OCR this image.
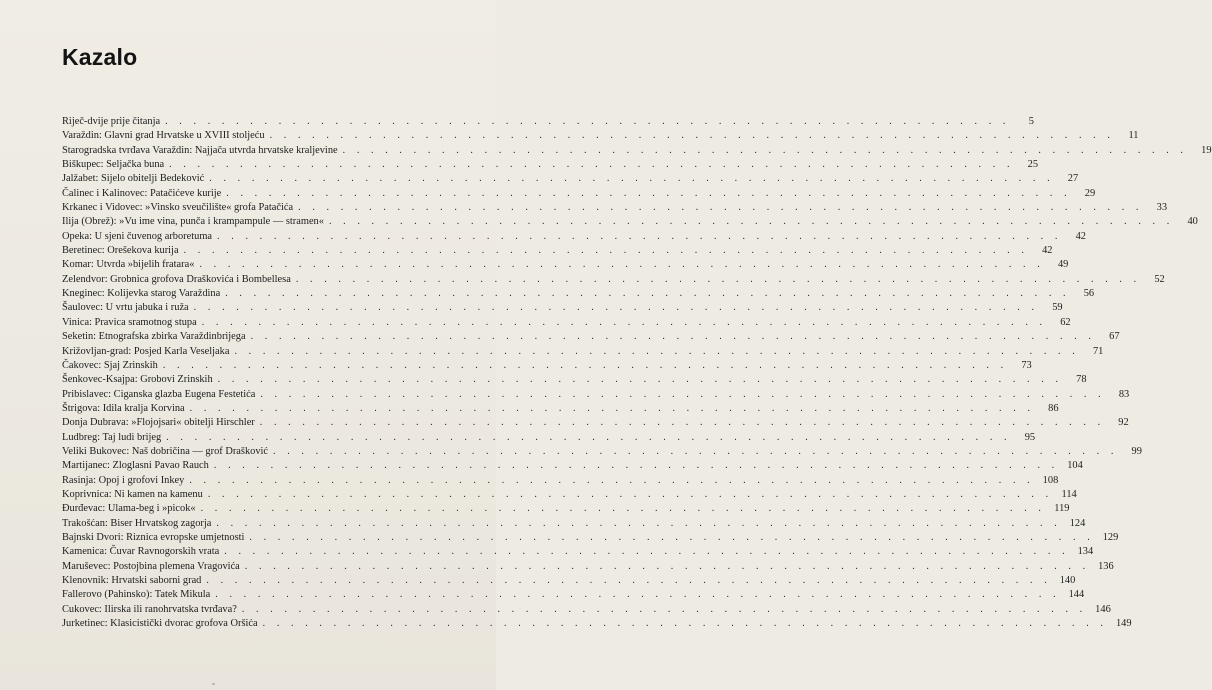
Kazalo
Riječ-dvije prije čitanja . . . . . . . . . . . . . . . . . . . . . . . . . . . . . . . . . . . . . . . . . . . . . . . . . . . . . . . . . . . .	5
Varaždin: Glavni grad Hrvatske u XVIII stoljeću . . . . . . . . . . . . . . . . . . . . . . . . . . . . . . . . . . . . . . . . . . . . . . . . . . . . . . . . . . . .	11
Starogradska tvrđava Varaždin: Najjača utvrda hrvatske kraljevine . . . . . . . . . . . . . . . . . . . . . . . . . . . . . . . . . . . . . . . . . . . . . . . . . . . . . . . . . . . .	19
Biškupec: Seljačka buna . . . . . . . . . . . . . . . . . . . . . . . . . . . . . . . . . . . . . . . . . . . . . . . . . . . . . . . . . . . .	25
Jalžabet: Sijelo obitelji Bedeković . . . . . . . . . . . . . . . . . . . . . . . . . . . . . . . . . . . . . . . . . . . . . . . . . . . . . . . . . . . .	27
Čalinec i Kalinovec: Patačićeve kurije . . . . . . . . . . . . . . . . . . . . . . . . . . . . . . . . . . . . . . . . . . . . . . . . . . . . . . . . . . . .	29
Krkanec i Vidovec: »Vinsko sveučilište« grofa Patačića . . . . . . . . . . . . . . . . . . . . . . . . . . . . . . . . . . . . . . . . . . . . . . . . . . . . . . . . . . . .	33
Ilija (Obrež): »Vu ime vina, punča i krampampule — stramen« . . . . . . . . . . . . . . . . . . . . . . . . . . . . . . . . . . . . . . . . . . . . . . . . . . . . . . . . . . . .	40
Opeka: U sjeni čuvenog arboretuma . . . . . . . . . . . . . . . . . . . . . . . . . . . . . . . . . . . . . . . . . . . . . . . . . . . . . . . . . . . .	42
Beretinec: Orešekova kurija . . . . . . . . . . . . . . . . . . . . . . . . . . . . . . . . . . . . . . . . . . . . . . . . . . . . . . . . . . . .	42
Komar: Utvrda »bijelih fratara« . . . . . . . . . . . . . . . . . . . . . . . . . . . . . . . . . . . . . . . . . . . . . . . . . . . . . . . . . . . .	49
Zelendvor: Grobnica grofova Draškovića i Bombellesa . . . . . . . . . . . . . . . . . . . . . . . . . . . . . . . . . . . . . . . . . . . . . . . . . . . . . . . . . . . .	52
Kneginec: Kolijevka starog Varaždina . . . . . . . . . . . . . . . . . . . . . . . . . . . . . . . . . . . . . . . . . . . . . . . . . . . . . . . . . . . .	56
Šaulovec: U vrtu jabuka i ruža . . . . . . . . . . . . . . . . . . . . . . . . . . . . . . . . . . . . . . . . . . . . . . . . . . . . . . . . . . . .	59
Vinica: Pravica sramotnog stupa . . . . . . . . . . . . . . . . . . . . . . . . . . . . . . . . . . . . . . . . . . . . . . . . . . . . . . . . . . . .	62
Seketin: Etnografska zbirka Varaždinbrijega . . . . . . . . . . . . . . . . . . . . . . . . . . . . . . . . . . . . . . . . . . . . . . . . . . . . . . . . . . . .	67
Križovljan-grad: Posjed Karla Veseljaka . . . . . . . . . . . . . . . . . . . . . . . . . . . . . . . . . . . . . . . . . . . . . . . . . . . . . . . . . . . .	71
Čakovec: Sjaj Zrinskih . . . . . . . . . . . . . . . . . . . . . . . . . . . . . . . . . . . . . . . . . . . . . . . . . . . . . . . . . . . .	73
Šenkovec-Ksajpa: Grobovi Zrinskih . . . . . . . . . . . . . . . . . . . . . . . . . . . . . . . . . . . . . . . . . . . . . . . . . . . . . . . . . . . .	78
Pribislavec: Ciganska glazba Eugena Festetića . . . . . . . . . . . . . . . . . . . . . . . . . . . . . . . . . . . . . . . . . . . . . . . . . . . . . . . . . . . .	83
Štrigova: Idila kralja Korvina . . . . . . . . . . . . . . . . . . . . . . . . . . . . . . . . . . . . . . . . . . . . . . . . . . . . . . . . . . . .	86
Donja Dubrava: »Flojojsari« obitelji Hirschler . . . . . . . . . . . . . . . . . . . . . . . . . . . . . . . . . . . . . . . . . . . . . . . . . . . . . . . . . . . .	92
Ludbreg: Taj ludi brijeg . . . . . . . . . . . . . . . . . . . . . . . . . . . . . . . . . . . . . . . . . . . . . . . . . . . . . . . . . . . .	95
Veliki Bukovec: Naš dobričina — grof Drašković . . . . . . . . . . . . . . . . . . . . . . . . . . . . . . . . . . . . . . . . . . . . . . . . . . . . . . . . . . . .	99
Martijanec: Zloglasni Pavao Rauch . . . . . . . . . . . . . . . . . . . . . . . . . . . . . . . . . . . . . . . . . . . . . . . . . . . . . . . . . . . . 104
Rasinja: Opoj i grofovi Inkey . . . . . . . . . . . . . . . . . . . . . . . . . . . . . . . . . . . . . . . . . . . . . . . . . . . . . . . . . . . . 108
Koprivnica: Ni kamen na kamenu . . . . . . . . . . . . . . . . . . . . . . . . . . . . . . . . . . . . . . . . . . . . . . . . . . . . . . . . . . . . 114
Đurđevac: Ulama-beg i »picok« . . . . . . . . . . . . . . . . . . . . . . . . . . . . . . . . . . . . . . . . . . . . . . . . . . . . . . . . . . . . 119
Trakošćan: Biser Hrvatskog zagorja . . . . . . . . . . . . . . . . . . . . . . . . . . . . . . . . . . . . . . . . . . . . . . . . . . . . . . . . . . . . 124
Bajnski Dvori: Riznica evropske umjetnosti . . . . . . . . . . . . . . . . . . . . . . . . . . . . . . . . . . . . . . . . . . . . . . . . . . . . . . . . . . . . 129
Kamenica: Čuvar Ravnogorskih vrata . . . . . . . . . . . . . . . . . . . . . . . . . . . . . . . . . . . . . . . . . . . . . . . . . . . . . . . . . . . . 134
Maruševec: Postojbina plemena Vragovića . . . . . . . . . . . . . . . . . . . . . . . . . . . . . . . . . . . . . . . . . . . . . . . . . . . . . . . . . . . . 136
Klenovnik: Hrvatski saborni grad . . . . . . . . . . . . . . . . . . . . . . . . . . . . . . . . . . . . . . . . . . . . . . . . . . . . . . . . . . . . 140
Fallerovo (Pahinsko): Tatek Mikula . . . . . . . . . . . . . . . . . . . . . . . . . . . . . . . . . . . . . . . . . . . . . . . . . . . . . . . . . . . . 144
Cukovec: Ilirska ili ranohrvatska tvrđava? . . . . . . . . . . . . . . . . . . . . . . . . . . . . . . . . . . . . . . . . . . . . . . . . . . . . . . . . . . . . 146
Jurketinec: Klasicistički dvorac grofova Oršića . . . . . . . . . . . . . . . . . . . . . . . . . . . . . . . . . . . . . . . . . . . . . . . . . . . . . . . . . . . . 149
